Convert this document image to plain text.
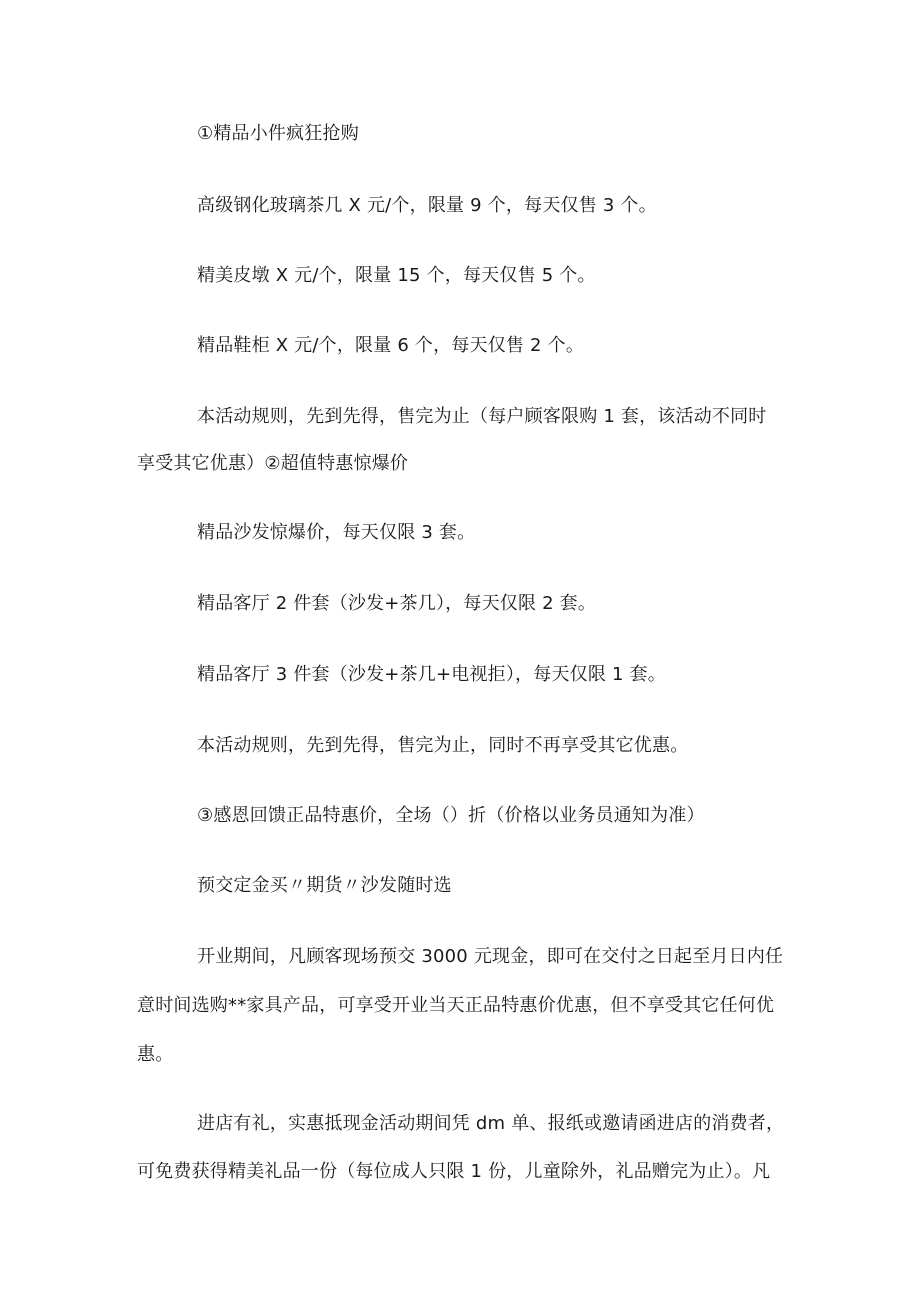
①精品小件疯狂抢购
高级钢化玻璃茶几 X 元/个，限量 9 个，每天仅售 3 个。
精美皮墩 X 元/个，限量 15 个，每天仅售 5 个。
精品鞋柜 X 元/个，限量 6 个，每天仅售 2 个。
本活动规则，先到先得，售完为止（每户顾客限购 1 套，该活动不同时
享受其它优惠）②超值特惠惊爆价
精品沙发惊爆价，每天仅限 3 套。
精品客厅 2 件套（沙发+茶几），每天仅限 2 套。
精品客厅 3 件套（沙发+茶几+电视拒），每天仅限 1 套。
本活动规则，先到先得，售完为止，同时不再享受其它优惠。
③感恩回馈正品特惠价，全场（）折（价格以业务员通知为准）
预交定金买〃期货〃沙发随时选
开业期间，凡顾客现场预交 3000 元现金，即可在交付之日起至月日内任
意时间选购**家具产品，可享受开业当天正品特惠价优惠，但不享受其它任何优
惠。
进店有礼，实惠抵现金活动期间凭 dm 单、报纸或邀请函进店的消费者，
可免费获得精美礼品一份（每位成人只限 1 份，儿童除外，礼品赠完为止）。凡
